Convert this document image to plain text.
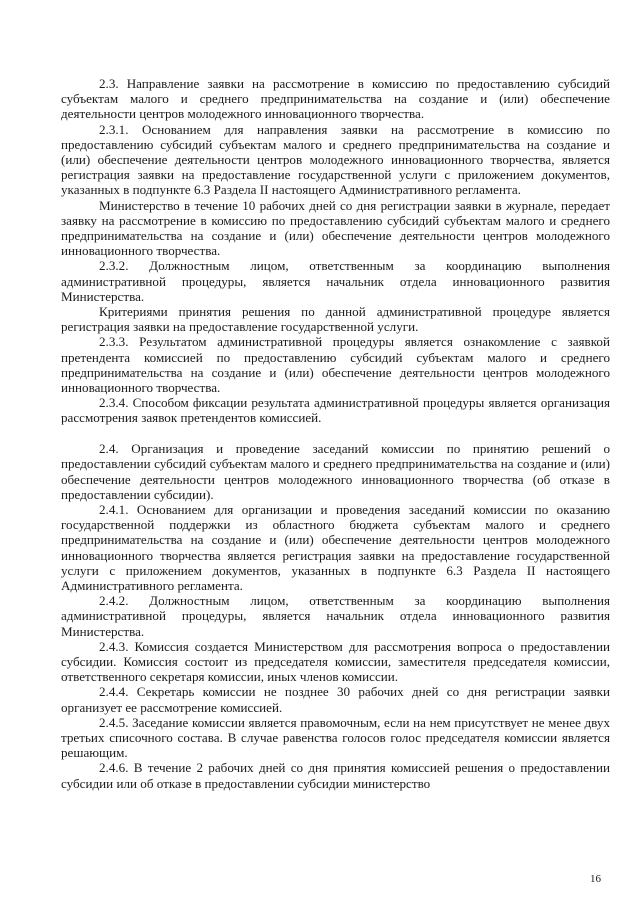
2.3. Направление заявки на рассмотрение в комиссию по предоставлению субсидий субъектам малого и среднего предпринимательства на создание и (или) обеспечение деятельности центров молодежного инновационного творчества.

2.3.1. Основанием для направления заявки на рассмотрение в комиссию по предоставлению субсидий субъектам малого и среднего предпринимательства на создание и (или) обеспечение деятельности центров молодежного инновационного творчества, является регистрация заявки на предоставление государственной услуги с приложением документов, указанных в подпункте 6.3 Раздела II настоящего Административного регламента.

Министерство в течение 10 рабочих дней со дня регистрации заявки в журнале, передает заявку на рассмотрение в комиссию по предоставлению субсидий субъектам малого и среднего предпринимательства на создание и (или) обеспечение деятельности центров молодежного инновационного творчества.

2.3.2. Должностным лицом, ответственным за координацию выполнения административной процедуры, является начальник отдела инновационного развития Министерства.

Критериями принятия решения по данной административной процедуре является регистрация заявки на предоставление государственной услуги.

2.3.3. Результатом административной процедуры является ознакомление с заявкой претендента комиссией по предоставлению субсидий субъектам малого и среднего предпринимательства на создание и (или) обеспечение деятельности центров молодежного инновационного творчества.

2.3.4. Способом фиксации результата административной процедуры является организация рассмотрения заявок претендентов комиссией.

2.4. Организация и проведение заседаний комиссии по принятию решений о предоставлении субсидий субъектам малого и среднего предпринимательства на создание и (или) обеспечение деятельности центров молодежного инновационного творчества (об отказе в предоставлении субсидии).

2.4.1. Основанием для организации и проведения заседаний комиссии по оказанию государственной поддержки из областного бюджета субъектам малого и среднего предпринимательства на создание и (или) обеспечение деятельности центров молодежного инновационного творчества является регистрация заявки на предоставление государственной услуги с приложением документов, указанных в подпункте 6.3 Раздела II настоящего Административного регламента.

2.4.2. Должностным лицом, ответственным за координацию выполнения административной процедуры, является начальник отдела инновационного развития Министерства.

2.4.3. Комиссия создается Министерством для рассмотрения вопроса о предоставлении субсидии. Комиссия состоит из председателя комиссии, заместителя председателя комиссии, ответственного секретаря комиссии, иных членов комиссии.

2.4.4. Секретарь комиссии не позднее 30 рабочих дней со дня регистрации заявки организует ее рассмотрение комиссией.

2.4.5. Заседание комиссии является правомочным, если на нем присутствует не менее двух третьих списочного состава. В случае равенства голосов голос председателя комиссии является решающим.

2.4.6. В течение 2 рабочих дней со дня принятия комиссией решения о предоставлении субсидии или об отказе в предоставлении субсидии министерство

16
